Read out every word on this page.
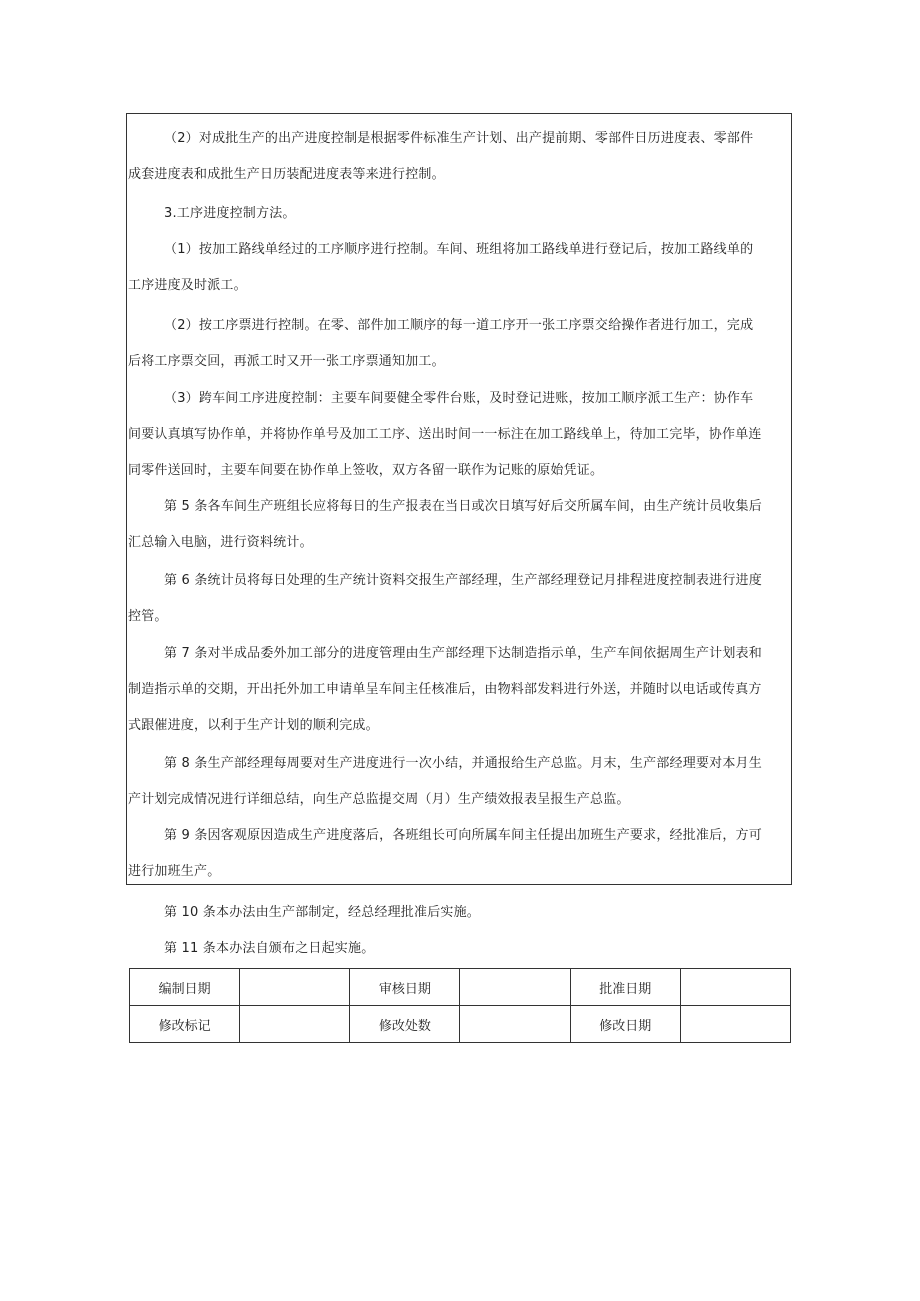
（2）对成批生产的出产进度控制是根据零件标准生产计划、出产提前期、零部件日历进度表、零部件
成套进度表和成批生产日历装配进度表等来进行控制。
3.工序进度控制方法。
（1）按加工路线单经过的工序顺序进行控制。车间、班组将加工路线单进行登记后，按加工路线单的
工序进度及时派工。
（2）按工序票进行控制。在零、部件加工顺序的每一道工序开一张工序票交给操作者进行加工，完成
后将工序票交回，再派工时又开一张工序票通知加工。
（3）跨车间工序进度控制：主要车间要健全零件台账，及时登记进账，按加工顺序派工生产：协作车
间要认真填写协作单，并将协作单号及加工工序、送出时间一一标注在加工路线单上，待加工完毕，协作单连
同零件送回时，主要车间要在协作单上签收，双方各留一联作为记账的原始凭证。
第 5 条各车间生产班组长应将每日的生产报表在当日或次日填写好后交所属车间，由生产统计员收集后
汇总输入电脑，进行资料统计。
第 6 条统计员将每日处理的生产统计资料交报生产部经理，生产部经理登记月排程进度控制表进行进度
控管。
第 7 条对半成品委外加工部分的进度管理由生产部经理下达制造指示单，生产车间依据周生产计划表和
制造指示单的交期，开出托外加工申请单呈车间主任核准后，由物料部发料进行外送，并随时以电话或传真方
式跟催进度，以利于生产计划的顺利完成。
第 8 条生产部经理每周要对生产进度进行一次小结，并通报给生产总监。月末，生产部经理要对本月生
产计划完成情况进行详细总结，向生产总监提交周（月）生产绩效报表呈报生产总监。
第 9 条因客观原因造成生产进度落后，各班组长可向所属车间主任提出加班生产要求，经批准后，方可
进行加班生产。
第 10 条本办法由生产部制定，经总经理批准后实施。
第 11 条本办法自颁布之日起实施。
编制日期		审核日期		批准日期	
修改标记		修改处数		修改日期	
